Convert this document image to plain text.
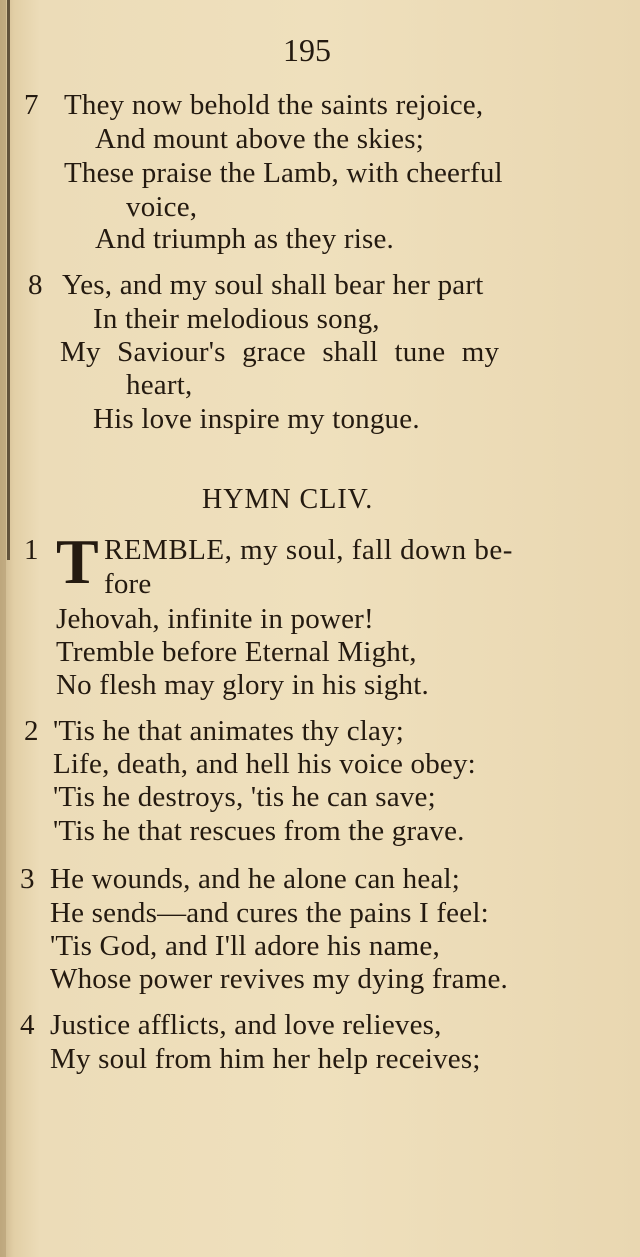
195
7 They now behold the saints rejoice,
And mount above the skies;
These praise the Lamb, with cheerful
voice,
And triumph as they rise.
8 Yes, and my soul shall bear her part
In their melodious song,
My Saviour's grace shall tune my
heart,
His love inspire my tongue.
HYMN CLIV.
1 T REMBLE, my soul, fall down be-
fore
Jehovah, infinite in power!
Tremble before Eternal Might,
No flesh may glory in his sight.
2 'Tis he that animates thy clay;
Life, death, and hell his voice obey:
'Tis he destroys, 'tis he can save;
'Tis he that rescues from the grave.
3 He wounds, and he alone can heal;
He sends—and cures the pains I feel:
'Tis God, and I'll adore his name,
Whose power revives my dying frame.
4 Justice afflicts, and love relieves,
My soul from him her help receives;
